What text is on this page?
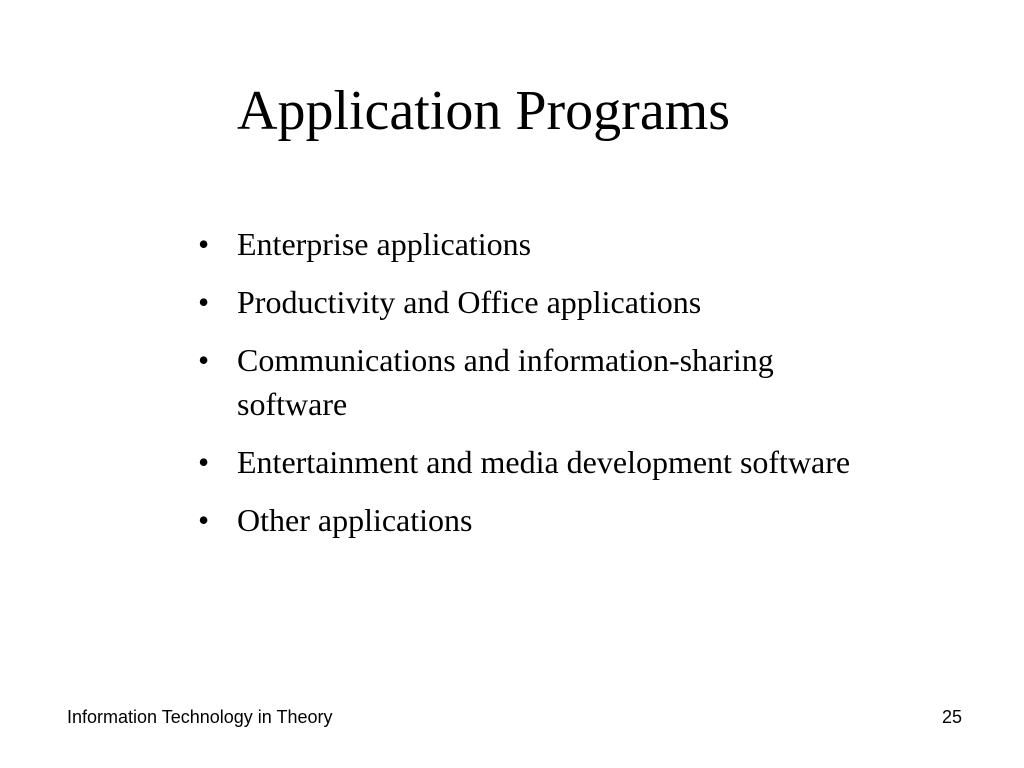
Application Programs
• Enterprise applications
• Productivity and Office applications
• Communications and information-sharing
software
• Entertainment and media development software
• Other applications
Information Technology in Theory	25
